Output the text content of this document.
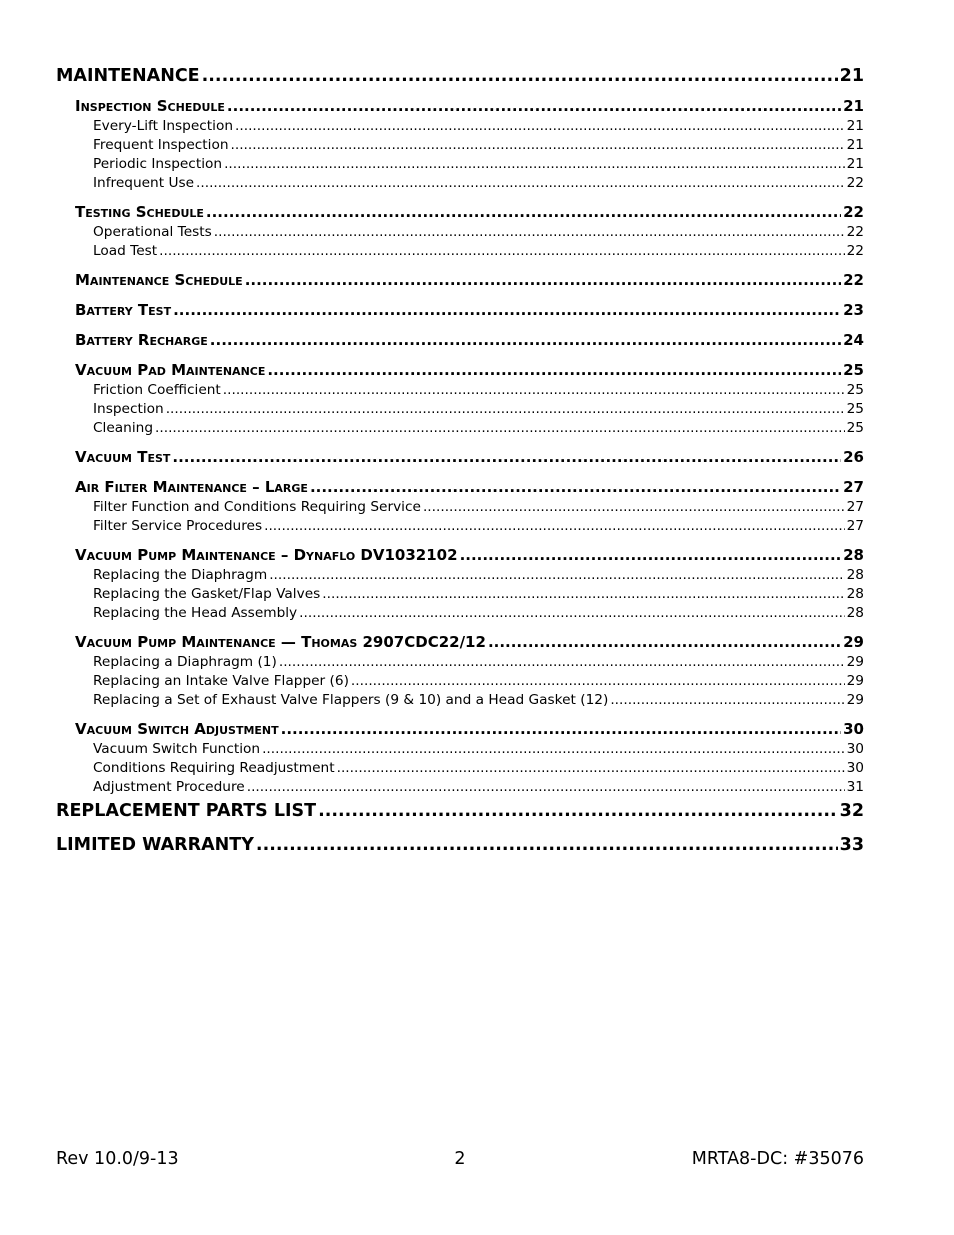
MAINTENANCE .....	21
Inspection Schedule .....	21
Every-Lift Inspection .....	21
Frequent Inspection .....	21
Periodic Inspection .....	21
Infrequent Use .....	22
Testing Schedule .....	22
Operational Tests .....	22
Load Test .....	22
Maintenance Schedule .....	22
Battery Test .....	23
Battery Recharge .....	24
Vacuum Pad Maintenance .....	25
Friction Coefficient .....	25
Inspection .....	25
Cleaning .....	25
Vacuum Test .....	26
Air Filter Maintenance – Large .....	27
Filter Function and Conditions Requiring Service .....	27
Filter Service Procedures .....	27
Vacuum Pump Maintenance – Dynaflo DV1032102 .....	28
Replacing the Diaphragm .....	28
Replacing the Gasket/Flap Valves .....	28
Replacing the Head Assembly .....	28
Vacuum Pump Maintenance — Thomas 2907CDC22/12 .....	29
Replacing a Diaphragm (1) .....	29
Replacing an Intake Valve Flapper (6) .....	29
Replacing a Set of Exhaust Valve Flappers (9 & 10) and a Head Gasket (12) .....	29
Vacuum Switch Adjustment .....	30
Vacuum Switch Function .....	30
Conditions Requiring Readjustment .....	30
Adjustment Procedure .....	31
REPLACEMENT PARTS LIST .....	32
LIMITED WARRANTY .....	33
Rev 10.0/9-13	2	MRTA8-DC: #35076
